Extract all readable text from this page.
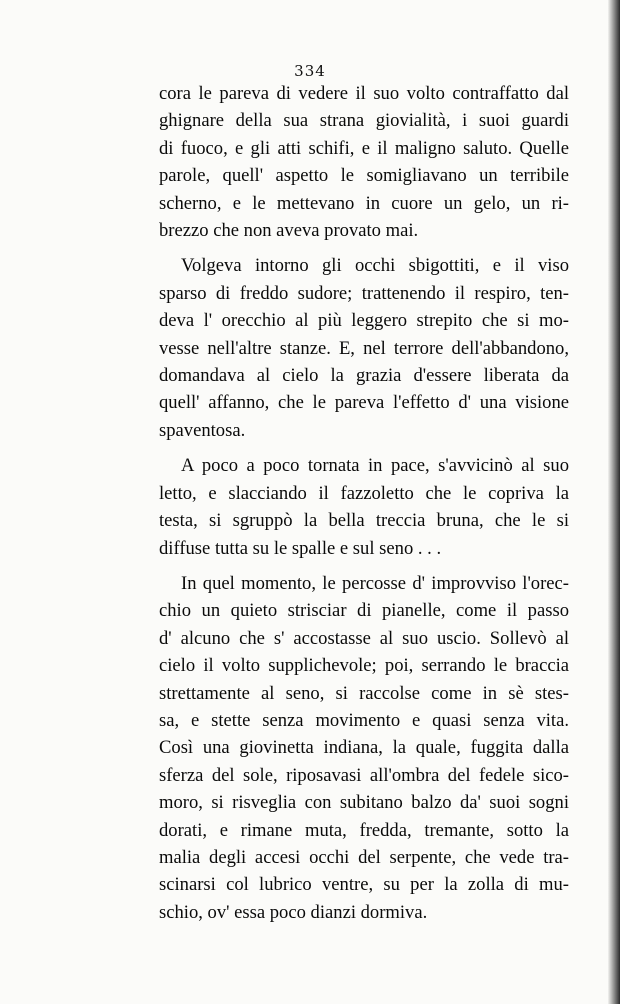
334
cora le pareva di vedere il suo volto contraffatto dal
ghignare della sua strana giovialità, i suoi guardi
di fuoco, e gli atti schifi, e il maligno saluto. Quelle
parole, quell' aspetto le somigliavano un terribile
scherno, e le mettevano in cuore un gelo, un ri-
brezzo che non aveva provato mai.
Volgeva intorno gli occhi sbigottiti, e il viso
sparso di freddo sudore; trattenendo il respiro, ten-
deva l' orecchio al più leggero strepito che si mo-
vesse nell'altre stanze. E, nel terrore dell'abbandono,
domandava al cielo la grazia d'essere liberata da
quell' affanno, che le pareva l'effetto d' una visione
spaventosa.
A poco a poco tornata in pace, s'avvicinò al suo
letto, e slacciando il fazzoletto che le copriva la
testa, si sgruppò la bella treccia bruna, che le si
diffuse tutta su le spalle e sul seno . . .
In quel momento, le percosse d' improvviso l'orec-
chio un quieto strisciar di pianelle, come il passo
d' alcuno che s' accostasse al suo uscio. Sollevò al
cielo il volto supplichevole; poi, serrando le braccia
strettamente al seno, si raccolse come in sè stes-
sa, e stette senza movimento e quasi senza vita.
Così una giovinetta indiana, la quale, fuggita dalla
sferza del sole, riposavasi all'ombra del fedele sico-
moro, si risveglia con subitano balzo da' suoi sogni
dorati, e rimane muta, fredda, tremante, sotto la
malia degli accesi occhi del serpente, che vede tra-
scinarsi col lubrico ventre, su per la zolla di mu-
schio, ov' essa poco dianzi dormiva.
